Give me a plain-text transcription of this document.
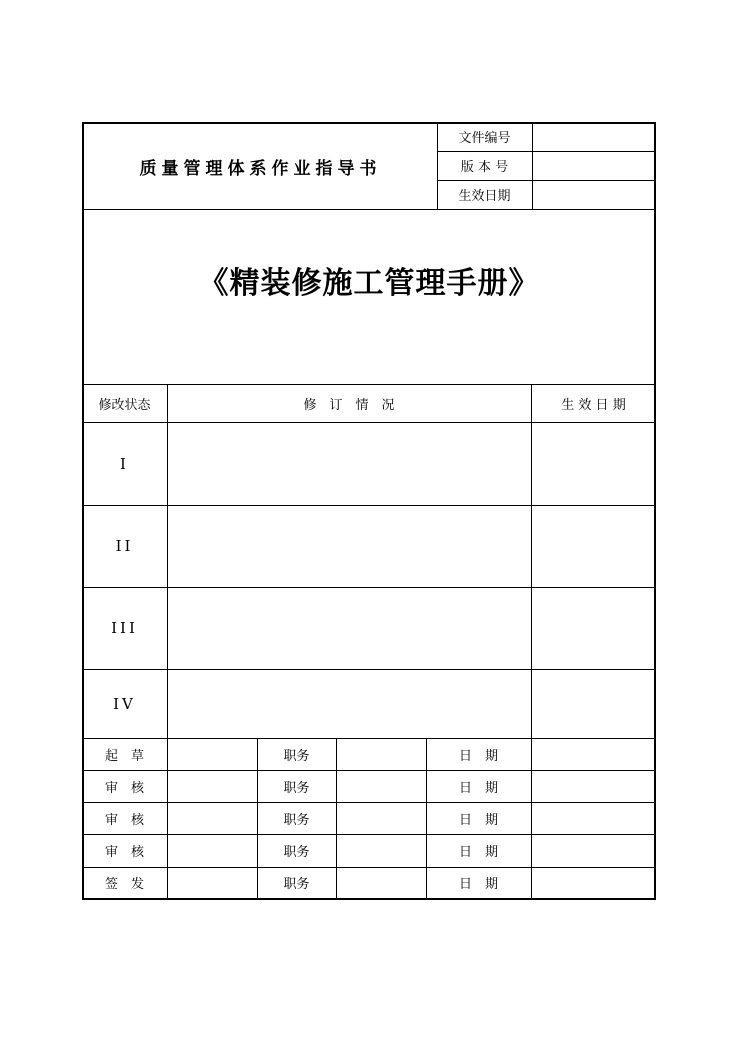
质量管理体系作业指导书
文件编号
版 本 号
生效日期
《精装修施工管理手册》
修改状态	修　订　情　况	生 效 日 期
I
II
III
IV
起　草	职务	日　期
审　核	职务	日　期
审　核	职务	日　期
审　核	职务	日　期
签　发	职务	日　期
